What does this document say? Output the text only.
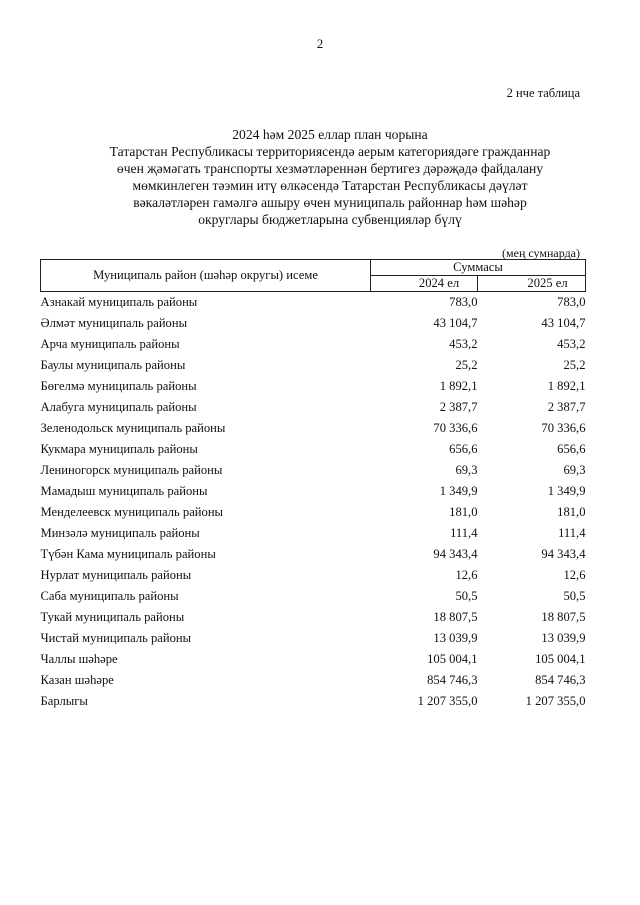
2
2 нче таблица
2024 һәм 2025 еллар план чорына
Татарстан Республикасы территориясендә аерым категориядәге гражданнар
өчен җәмәгать транспорты хезмәтләреннән бертигез дәрәҗәдә файдалану
мөмкинлеген тәэмин итү өлкәсендә Татарстан Республикасы дәүләт
вәкаләтләрен гамәлгә ашыру өчен муниципаль районнар һәм шәһәр
округлары бюджетларына субвенцияләр бүлү
(мең сумнарда)
Муниципаль район (шәһәр округы) исеме	Суммасы	
	2024 ел	2025 ел
Азнакай муниципаль районы	783,0	783,0
Әлмәт муниципаль районы	43 104,7	43 104,7
Арча муниципаль районы	453,2	453,2
Баулы муниципаль районы	25,2	25,2
Бөгелмә муниципаль районы	1 892,1	1 892,1
Алабуга муниципаль районы	2 387,7	2 387,7
Зеленодольск муниципаль районы	70 336,6	70 336,6
Кукмара муниципаль районы	656,6	656,6
Лениногорск муниципаль районы	69,3	69,3
Мамадыш муниципаль районы	1 349,9	1 349,9
Менделеевск муниципаль районы	181,0	181,0
Минзәлә муниципаль районы	111,4	111,4
Түбән Кама муниципаль районы	94 343,4	94 343,4
Нурлат муниципаль районы	12,6	12,6
Саба муниципаль районы	50,5	50,5
Тукай муниципаль районы	18 807,5	18 807,5
Чистай муниципаль районы	13 039,9	13 039,9
Чаллы шәһәре	105 004,1	105 004,1
Казан шәһәре	854 746,3	854 746,3
Барлыгы	1 207 355,0	1 207 355,0
